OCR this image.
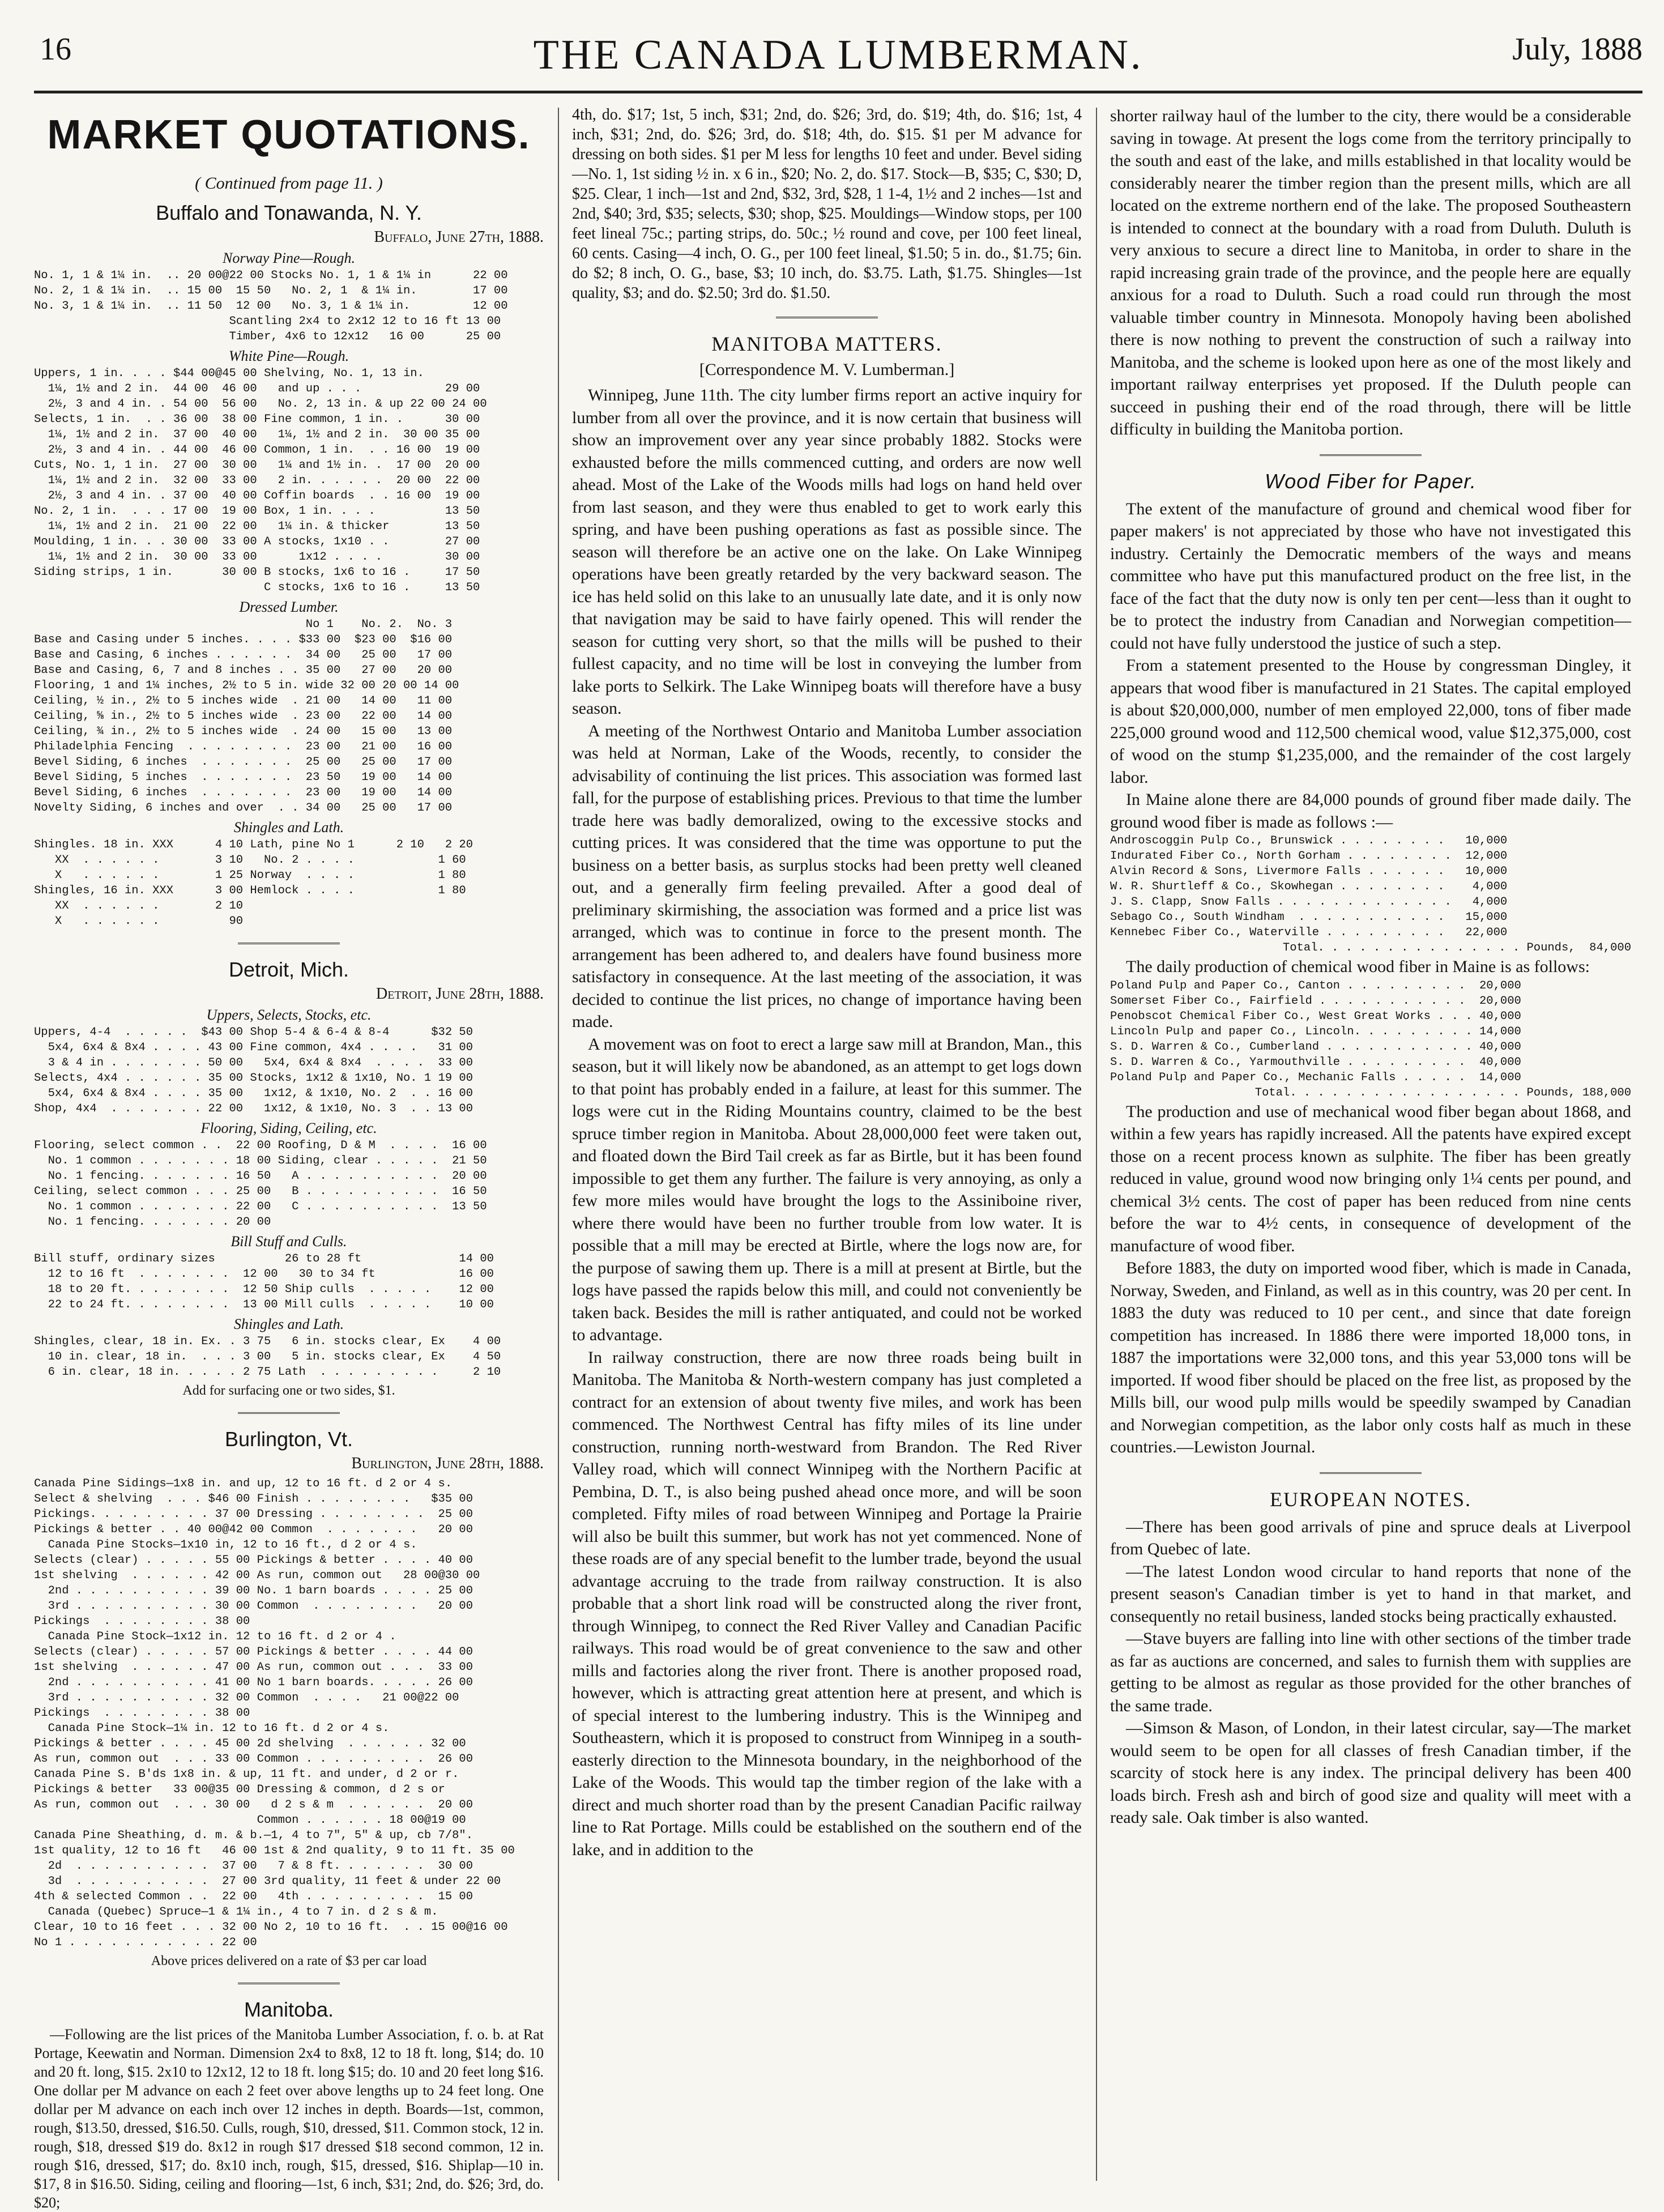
16	THE CANADA LUMBERMAN.	July, 1888
MARKET QUOTATIONS.
( Continued from page 11. )
Buffalo and Tonawanda, N. Y.
Buffalo, June 27th, 1888.
Norway Pine—Rough.
No. 1, 1 & 1¼ in.  .. 20 00@22 00 Stocks No. 1, 1 & 1¼ in      22 00
No. 2, 1 & 1¼ in.  .. 15 00  15 50   No. 2, 1  & 1¼ in.        17 00
No. 3, 1 & 1¼ in.  .. 11 50  12 00   No. 3, 1 & 1¼ in.         12 00
Scantling 2x4 to 2x12 12 to 16 ft 13 00
Timber, 4x6 to 12x12   16 00      25 00
White Pine—Rough.
Uppers, 1 in. . . . $44 00@45 00 Shelving, No. 1, 13 in.
1¼, 1½ and 2 in.  44 00  46 00   and up . . .            29 00
2½, 3 and 4 in. . 54 00  56 00   No. 2, 13 in. & up 22 00 24 00
Selects, 1 in.  . . 36 00  38 00 Fine common, 1 in. .      30 00
1¼, 1½ and 2 in.  37 00  40 00   1¼, 1½ and 2 in.  30 00 35 00
2½, 3 and 4 in. . 44 00  46 00 Common, 1 in.  . . 16 00  19 00
Cuts, No. 1, 1 in.  27 00  30 00   1¼ and 1½ in. .  17 00  20 00
1¼, 1½ and 2 in.  32 00  33 00   2 in. . . . . .  20 00  22 00
2½, 3 and 4 in. . 37 00  40 00 Coffin boards  . . 16 00  19 00
No. 2, 1 in.  . . . 17 00  19 00 Box, 1 in. . . .          13 50
1¼, 1½ and 2 in.  21 00  22 00   1¼ in. & thicker        13 50
Moulding, 1 in. . . 30 00  33 00 A stocks, 1x10 . .        27 00
1¼, 1½ and 2 in.  30 00  33 00      1x12 . . . .         30 00
Siding strips, 1 in.       30 00 B stocks, 1x6 to 16 .     17 50
C stocks, 1x6 to 16 .     13 50
Dressed Lumber.
No 1    No. 2.  No. 3
Base and Casing under 5 inches. . . . $33 00  $23 00  $16 00
Base and Casing, 6 inches . . . . . .  34 00   25 00   17 00
Base and Casing, 6, 7 and 8 inches . . 35 00   27 00   20 00
Flooring, 1 and 1¼ inches, 2½ to 5 in. wide 32 00 20 00 14 00
Ceiling, ½ in., 2½ to 5 inches wide  . 21 00   14 00   11 00
Ceiling, ⅝ in., 2½ to 5 inches wide  . 23 00   22 00   14 00
Ceiling, ¾ in., 2½ to 5 inches wide  . 24 00   15 00   13 00
Philadelphia Fencing  . . . . . . . .  23 00   21 00   16 00
Bevel Siding, 6 inches  . . . . . . .  25 00   25 00   17 00
Bevel Siding, 5 inches  . . . . . . .  23 50   19 00   14 00
Bevel Siding, 6 inches  . . . . . . .  23 00   19 00   14 00
Novelty Siding, 6 inches and over  . . 34 00   25 00   17 00
Shingles and Lath.
Shingles. 18 in. XXX      4 10 Lath, pine No 1      2 10   2 20
XX  . . . . . .        3 10   No. 2 . . . .            1 60
X   . . . . . .        1 25 Norway  . . . .            1 80
Shingles, 16 in. XXX      3 00 Hemlock . . . .            1 80
XX  . . . . . .        2 10
X   . . . . . .          90
Detroit, Mich.
Detroit, June 28th, 1888.
Uppers, Selects, Stocks, etc.
Uppers, 4-4  . . . . .  $43 00 Shop 5-4 & 6-4 & 8-4      $32 50
5x4, 6x4 & 8x4 . . . . 43 00 Fine common, 4x4 . . . .   31 00
3 & 4 in . . . . . . . 50 00   5x4, 6x4 & 8x4  . . . .  33 00
Selects, 4x4 . . . . . . 35 00 Stocks, 1x12 & 1x10, No. 1 19 00
5x4, 6x4 & 8x4 . . . . 35 00   1x12, & 1x10, No. 2  . . 16 00
Shop, 4x4  . . . . . . . 22 00   1x12, & 1x10, No. 3  . . 13 00
Flooring, Siding, Ceiling, etc.
Flooring, select common . .  22 00 Roofing, D & M  . . . .  16 00
No. 1 common . . . . . . . 18 00 Siding, clear . . . . .  21 50
No. 1 fencing. . . . . . . 16 50   A . . . . . . . . . .  20 00
Ceiling, select common . . . 25 00   B . . . . . . . . . .  16 50
No. 1 common . . . . . . . 22 00   C . . . . . . . . . .  13 50
No. 1 fencing. . . . . . . 20 00
Bill Stuff and Culls.
Bill stuff, ordinary sizes          26 to 28 ft              14 00
12 to 16 ft  . . . . . . .  12 00   30 to 34 ft            16 00
18 to 20 ft. . . . . . . .  12 50 Ship culls  . . . . .    12 00
22 to 24 ft. . . . . . . .  13 00 Mill culls  . . . . .    10 00
Shingles and Lath.
Shingles, clear, 18 in. Ex. . 3 75   6 in. stocks clear, Ex    4 00
10 in. clear, 18 in.  . . . 3 00   5 in. stocks clear, Ex    4 50
6 in. clear, 18 in. . . . . 2 75 Lath  . . . . . . . . .     2 10
Add for surfacing one or two sides, $1.
Burlington, Vt.
Burlington, June 28th, 1888.
Canada Pine Sidings—1x8 in. and up, 12 to 16 ft. d 2 or 4 s.
Select & shelving  . . . $46 00 Finish . . . . . . . .   $35 00
Pickings. . . . . . . . . 37 00 Dressing . . . . . . . .  25 00
Pickings & better . . 40 00@42 00 Common  . . . . . . .   20 00
Canada Pine Stocks—1x10 in, 12 to 16 ft., d 2 or 4 s.
Selects (clear) . . . . . 55 00 Pickings & better . . . . 40 00
1st shelving  . . . . . . 42 00 As run, common out   28 00@30 00
2nd . . . . . . . . . . 39 00 No. 1 barn boards . . . . 25 00
3rd . . . . . . . . . . 30 00 Common  . . . . . . . .   20 00
Pickings  . . . . . . . . 38 00
Canada Pine Stock—1x12 in. 12 to 16 ft. d 2 or 4 .
Selects (clear) . . . . . 57 00 Pickings & better . . . . 44 00
1st shelving  . . . . . . 47 00 As run, common out . . .  33 00
2nd . . . . . . . . . . 41 00 No 1 barn boards. . . . . 26 00
3rd . . . . . . . . . . 32 00 Common  . . . .   21 00@22 00
Pickings  . . . . . . . . 38 00
Canada Pine Stock—1¼ in. 12 to 16 ft. d 2 or 4 s.
Pickings & better . . . . 45 00 2d shelving  . . . . . . 32 00
As run, common out  . . . 33 00 Common . . . . . . . . .  26 00
Canada Pine S. B'ds 1x8 in. & up, 11 ft. and under, d 2 or r.
Pickings & better   33 00@35 00 Dressing & common, d 2 s or
As run, common out  . . . 30 00   d 2 s & m  . . . . . .  20 00
Common . . . . . . 18 00@19 00
Canada Pine Sheathing, d. m. & b.—1, 4 to 7", 5" & up, cb 7/8".
1st quality, 12 to 16 ft   46 00 1st & 2nd quality, 9 to 11 ft. 35 00
2d  . . . . . . . . . .  37 00   7 & 8 ft. . . . . . .  30 00
3d  . . . . . . . . . .  27 00 3rd quality, 11 feet & under 22 00
4th & selected Common . .  22 00   4th . . . . . . . . .  15 00
Canada (Quebec) Spruce—1 & 1¼ in., 4 to 7 in. d 2 s & m.
Clear, 10 to 16 feet . . . 32 00 No 2, 10 to 16 ft.  . . 15 00@16 00
No 1 . . . . . . . . . . . 22 00
Above prices delivered on a rate of $3 per car load
Manitoba.

—Following are the list prices of the Manitoba Lumber Association, f. o. b. at Rat Portage, Keewatin and Norman. Dimension 2x4 to 8x8, 12 to 18 ft. long, $14; do. 10 and 20 ft. long, $15. 2x10 to 12x12, 12 to 18 ft. long $15; do. 10 and 20 feet long $16. One dollar per M advance on each 2 feet over above lengths up to 24 feet long. One dollar per M advance on each inch over 12 inches in depth. Boards—1st, common, rough, $13.50, dressed, $16.50. Culls, rough, $10, dressed, $11. Common stock, 12 in. rough, $18, dressed $19 do. 8x12 in rough $17 dressed $18 second common, 12 in. rough $16, dressed, $17; do. 8x10 inch, rough, $15, dressed, $16. Shiplap—10 in. $17, 8 in $16.50. Siding, ceiling and flooring—1st, 6 inch, $31; 2nd, do. $26; 3rd, do. $20;

4th, do. $17; 1st, 5 inch, $31; 2nd, do. $26; 3rd, do. $19; 4th, do. $16; 1st, 4 inch, $31; 2nd, do. $26; 3rd, do. $18; 4th, do. $15. $1 per M advance for dressing on both sides. $1 per M less for lengths 10 feet and under. Bevel siding—No. 1, 1st siding ½ in. x 6 in., $20; No. 2, do. $17. Stock—B, $35; C, $30; D, $25. Clear, 1 inch—1st and 2nd, $32, 3rd, $28, 1 1-4, 1½ and 2 inches—1st and 2nd, $40; 3rd, $35; selects, $30; shop, $25. Mouldings—Window stops, per 100 feet lineal 75c.; parting strips, do. 50c.; ½ round and cove, per 100 feet lineal, 60 cents. Casing—4 inch, O. G., per 100 feet lineal, $1.50; 5 in. do., $1.75; 6in. do $2; 8 inch, O. G., base, $3; 10 inch, do. $3.75. Lath, $1.75. Shingles—1st quality, $3; and do. $2.50; 3rd do. $1.50.

MANITOBA MATTERS.
[Correspondence M. V. Lumberman.]

Winnipeg, June 11th. The city lumber firms report an active inquiry for lumber from all over the province, and it is now certain that business will show an improvement over any year since probably 1882. Stocks were exhausted before the mills commenced cutting, and orders are now well ahead. Most of the Lake of the Woods mills had logs on hand held over from last season, and they were thus enabled to get to work early this spring, and have been pushing operations as fast as possible since. The season will therefore be an active one on the lake. On Lake Winnipeg operations have been greatly retarded by the very backward season. The ice has held solid on this lake to an unusually late date, and it is only now that navigation may be said to have fairly opened. This will render the season for cutting very short, so that the mills will be pushed to their fullest capacity, and no time will be lost in conveying the lumber from lake ports to Selkirk. The Lake Winnipeg boats will therefore have a busy season.

A meeting of the Northwest Ontario and Manitoba Lumber association was held at Norman, Lake of the Woods, recently, to consider the advisability of continuing the list prices. This association was formed last fall, for the purpose of establishing prices. Previous to that time the lumber trade here was badly demoralized, owing to the excessive stocks and cutting prices. It was considered that the time was opportune to put the business on a better basis, as surplus stocks had been pretty well cleaned out, and a generally firm feeling prevailed. After a good deal of preliminary skirmishing, the association was formed and a price list was arranged, which was to continue in force to the present month. The arrangement has been adhered to, and dealers have found business more satisfactory in consequence. At the last meeting of the association, it was decided to continue the list prices, no change of importance having been made.

A movement was on foot to erect a large saw mill at Brandon, Man., this season, but it will likely now be abandoned, as an attempt to get logs down to that point has probably ended in a failure, at least for this summer. The logs were cut in the Riding Mountains country, claimed to be the best spruce timber region in Manitoba. About 28,000,000 feet were taken out, and floated down the Bird Tail creek as far as Birtle, but it has been found impossible to get them any further. The failure is very annoying, as only a few more miles would have brought the logs to the Assiniboine river, where there would have been no further trouble from low water. It is possible that a mill may be erected at Birtle, where the logs now are, for the purpose of sawing them up. There is a mill at present at Birtle, but the logs have passed the rapids below this mill, and could not conveniently be taken back. Besides the mill is rather antiquated, and could not be worked to advantage.

In railway construction, there are now three roads being built in Manitoba. The Manitoba & North-western company has just completed a contract for an extension of about twenty five miles, and work has been commenced. The Northwest Central has fifty miles of its line under construction, running north-westward from Brandon. The Red River Valley road, which will connect Winnipeg with the Northern Pacific at Pembina, D. T., is also being pushed ahead once more, and will be soon completed. Fifty miles of road between Winnipeg and Portage la Prairie will also be built this summer, but work has not yet commenced. None of these roads are of any special benefit to the lumber trade, beyond the usual advantage accruing to the trade from railway construction. It is also probable that a short link road will be constructed along the river front, through Winnipeg, to connect the Red River Valley and Canadian Pacific railways. This road would be of great convenience to the saw and other mills and factories along the river front. There is another proposed road, however, which is attracting great attention here at present, and which is of special interest to the lumbering industry. This is the Winnipeg and Southeastern, which it is proposed to construct from Winnipeg in a south-easterly direction to the Minnesota boundary, in the neighborhood of the Lake of the Woods. This would tap the timber region of the lake with a direct and much shorter road than by the present Canadian Pacific railway line to Rat Portage. Mills could be established on the southern end of the lake, and in addition to the

shorter railway haul of the lumber to the city, there would be a considerable saving in towage. At present the logs come from the territory principally to the south and east of the lake, and mills established in that locality would be considerably nearer the timber region than the present mills, which are all located on the extreme northern end of the lake. The proposed Southeastern is intended to connect at the boundary with a road from Duluth. Duluth is very anxious to secure a direct line to Manitoba, in order to share in the rapid increasing grain trade of the province, and the people here are equally anxious for a road to Duluth. Such a road could run through the most valuable timber country in Minnesota. Monopoly having been abolished there is now nothing to prevent the construction of such a railway into Manitoba, and the scheme is looked upon here as one of the most likely and important railway enterprises yet proposed. If the Duluth people can succeed in pushing their end of the road through, there will be little difficulty in building the Manitoba portion.

Wood Fiber for Paper.

The extent of the manufacture of ground and chemical wood fiber for paper makers' is not appreciated by those who have not investigated this industry. Certainly the Democratic members of the ways and means committee who have put this manufactured product on the free list, in the face of the fact that the duty now is only ten per cent—less than it ought to be to protect the industry from Canadian and Norwegian competition—could not have fully understood the justice of such a step.

From a statement presented to the House by congressman Dingley, it appears that wood fiber is manufactured in 21 States. The capital employed is about $20,000,000, number of men employed 22,000, tons of fiber made 225,000 ground wood and 112,500 chemical wood, value $12,375,000, cost of wood on the stump $1,235,000, and the remainder of the cost largely labor.

In Maine alone there are 84,000 pounds of ground fiber made daily. The ground wood fiber is made as follows :—

Androscoggin Pulp Co., Brunswick . . . . . . . .   10,000
Indurated Fiber Co., North Gorham . . . . . . . .  12,000
Alvin Record & Sons, Livermore Falls . . . . . .   10,000
W. R. Shurtleff & Co., Skowhegan . . . . . . . .    4,000
J. S. Clapp, Snow Falls . . . . . . . . . . . . .   4,000
Sebago Co., South Windham  . . . . . . . . . . .   15,000
Kennebec Fiber Co., Waterville . . . . . . . . .   22,000
Total. . . . . . . . . . . . . . . Pounds,  84,000

The daily production of chemical wood fiber in Maine is as follows:

Poland Pulp and Paper Co., Canton . . . . . . . . .  20,000
Somerset Fiber Co., Fairfield . . . . . . . . . . .  20,000
Penobscot Chemical Fiber Co., West Great Works . . . 40,000
Lincoln Pulp and paper Co., Lincoln. . . . . . . . . 14,000
S. D. Warren & Co., Cumberland . . . . . . . . . . . 40,000
S. D. Warren & Co., Yarmouthville . . . . . . . . .  40,000
Poland Pulp and Paper Co., Mechanic Falls . . . . .  14,000
Total. . . . . . . . . . . . . . . . . Pounds, 188,000

The production and use of mechanical wood fiber began about 1868, and within a few years has rapidly increased. All the patents have expired except those on a recent process known as sulphite. The fiber has been greatly reduced in value, ground wood now bringing only 1¼ cents per pound, and chemical 3½ cents. The cost of paper has been reduced from nine cents before the war to 4½ cents, in consequence of development of the manufacture of wood fiber.

Before 1883, the duty on imported wood fiber, which is made in Canada, Norway, Sweden, and Finland, as well as in this country, was 20 per cent. In 1883 the duty was reduced to 10 per cent., and since that date foreign competition has increased. In 1886 there were imported 18,000 tons, in 1887 the importations were 32,000 tons, and this year 53,000 tons will be imported. If wood fiber should be placed on the free list, as proposed by the Mills bill, our wood pulp mills would be speedily swamped by Canadian and Norwegian competition, as the labor only costs half as much in these countries.—Lewiston Journal.

EUROPEAN NOTES.

—There has been good arrivals of pine and spruce deals at Liverpool from Quebec of late.

—The latest London wood circular to hand reports that none of the present season's Canadian timber is yet to hand in that market, and consequently no retail business, landed stocks being practically exhausted.

—Stave buyers are falling into line with other sections of the timber trade as far as auctions are concerned, and sales to furnish them with supplies are getting to be almost as regular as those provided for the other branches of the same trade.

—Simson & Mason, of London, in their latest circular, say—The market would seem to be open for all classes of fresh Canadian timber, if the scarcity of stock here is any index. The principal delivery has been 400 loads birch. Fresh ash and birch of good size and quality will meet with a ready sale. Oak timber is also wanted.
